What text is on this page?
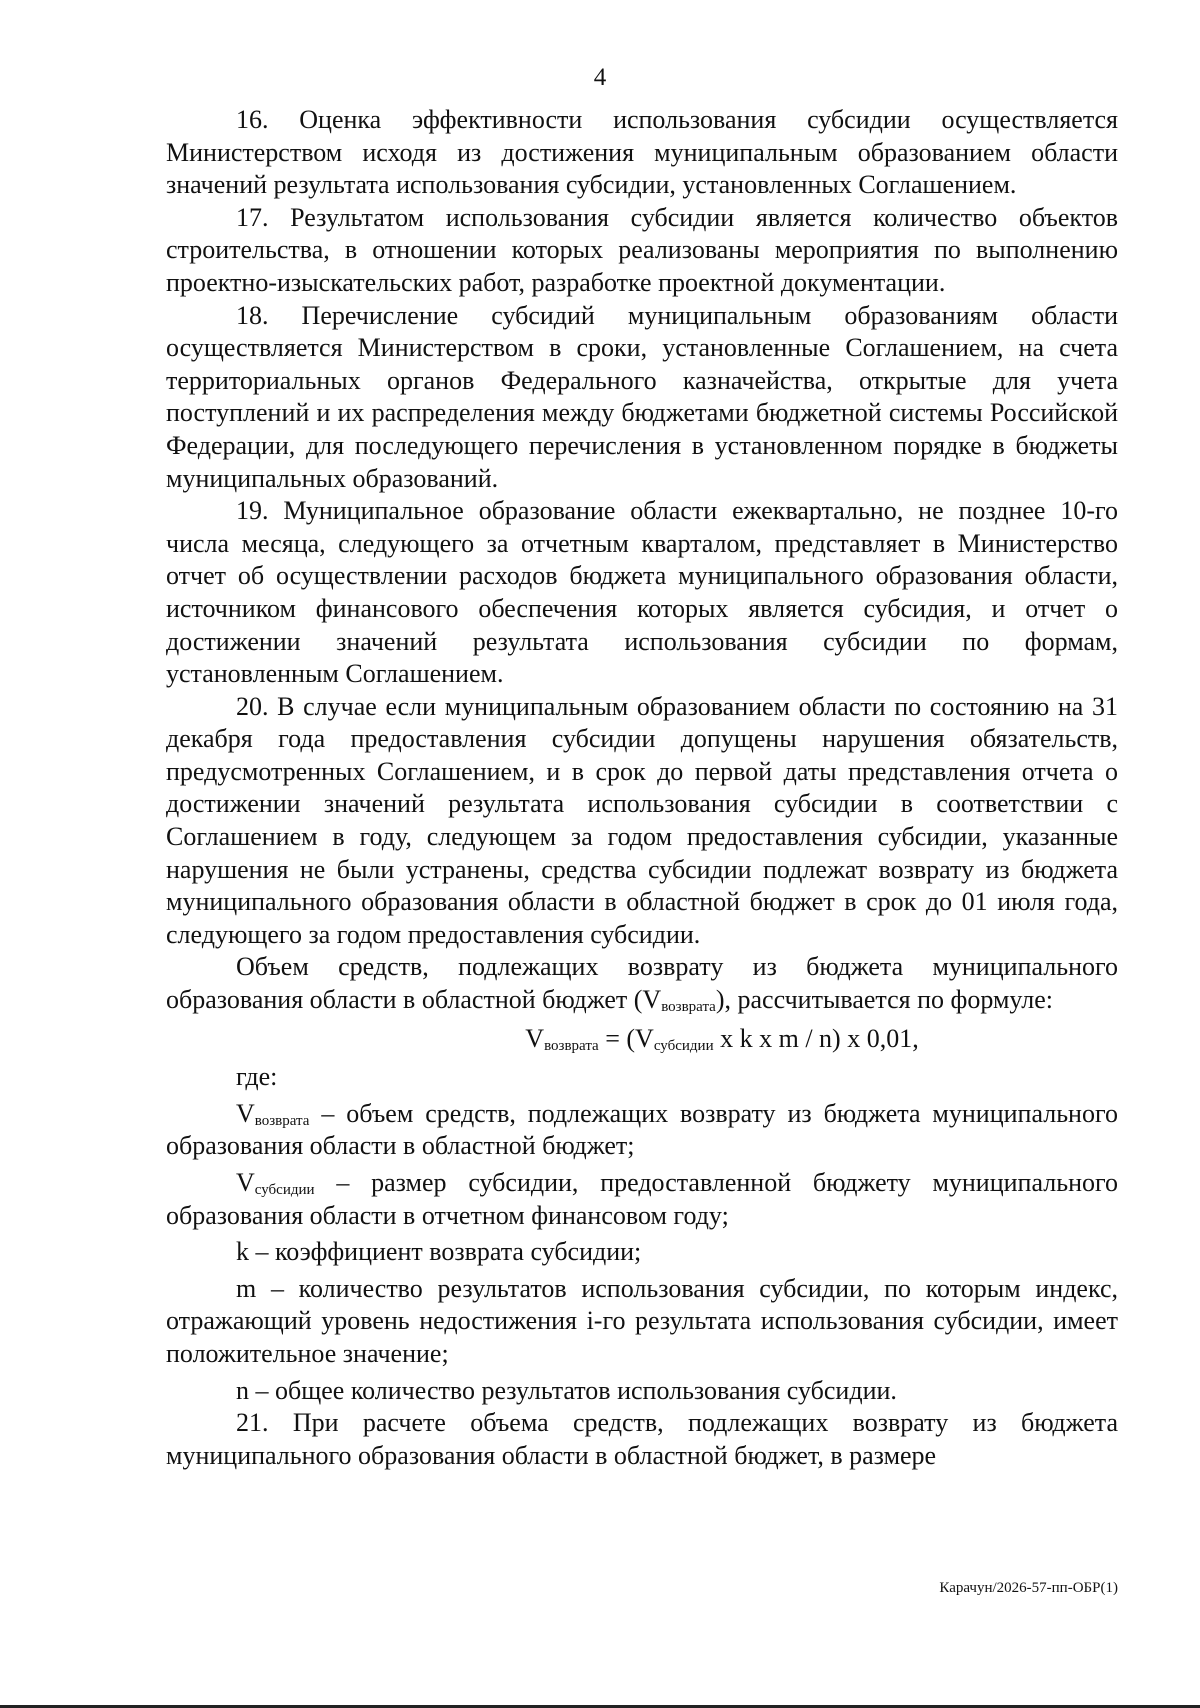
4

16. Оценка эффективности использования субсидии осуществляется Министерством исходя из достижения муниципальным образованием области значений результата использования субсидии, установленных Соглашением.

17. Результатом использования субсидии является количество объектов строительства, в отношении которых реализованы мероприятия по выполнению проектно-изыскательских работ, разработке проектной документации.

18. Перечисление субсидий муниципальным образованиям области осуществляется Министерством в сроки, установленные Соглашением, на счета территориальных органов Федерального казначейства, открытые для учета поступлений и их распределения между бюджетами бюджетной системы Российской Федерации, для последующего перечисления в установленном порядке в бюджеты муниципальных образований.

19. Муниципальное образование области ежеквартально, не позднее 10-го числа месяца, следующего за отчетным кварталом, представляет в Министерство отчет об осуществлении расходов бюджета муниципального образования области, источником финансового обеспечения которых является субсидия, и отчет о достижении значений результата использования субсидии по формам, установленным Соглашением.

20. В случае если муниципальным образованием области по состоянию на 31 декабря года предоставления субсидии допущены нарушения обязательств, предусмотренных Соглашением, и в срок до первой даты представления отчета о достижении значений результата использования субсидии в соответствии с Соглашением в году, следующем за годом предоставления субсидии, указанные нарушения не были устранены, средства субсидии подлежат возврату из бюджета муниципального образования области в областной бюджет в срок до 01 июля года, следующего за годом предоставления субсидии.

Объем средств, подлежащих возврату из бюджета муниципального образования области в областной бюджет $(V_{возврата})$, рассчитывается по формуле:

$V_{возврата} = (V_{субсидии}$ x k x m / n) x 0,01,

где:

$V_{возврата}$ – объем средств, подлежащих возврату из бюджета муниципального образования области в областной бюджет;

$V_{субсидии}$ – размер субсидии, предоставленной бюджету муниципального образования области в отчетном финансовом году;

k – коэффициент возврата субсидии;

m – количество результатов использования субсидии, по которым индекс, отражающий уровень недостижения i-го результата использования субсидии, имеет положительное значение;

n – общее количество результатов использования субсидии.

21. При расчете объема средств, подлежащих возврату из бюджета муниципального образования области в областной бюджет, в размере

Карачун/2026-57-пп-ОБР(1)
